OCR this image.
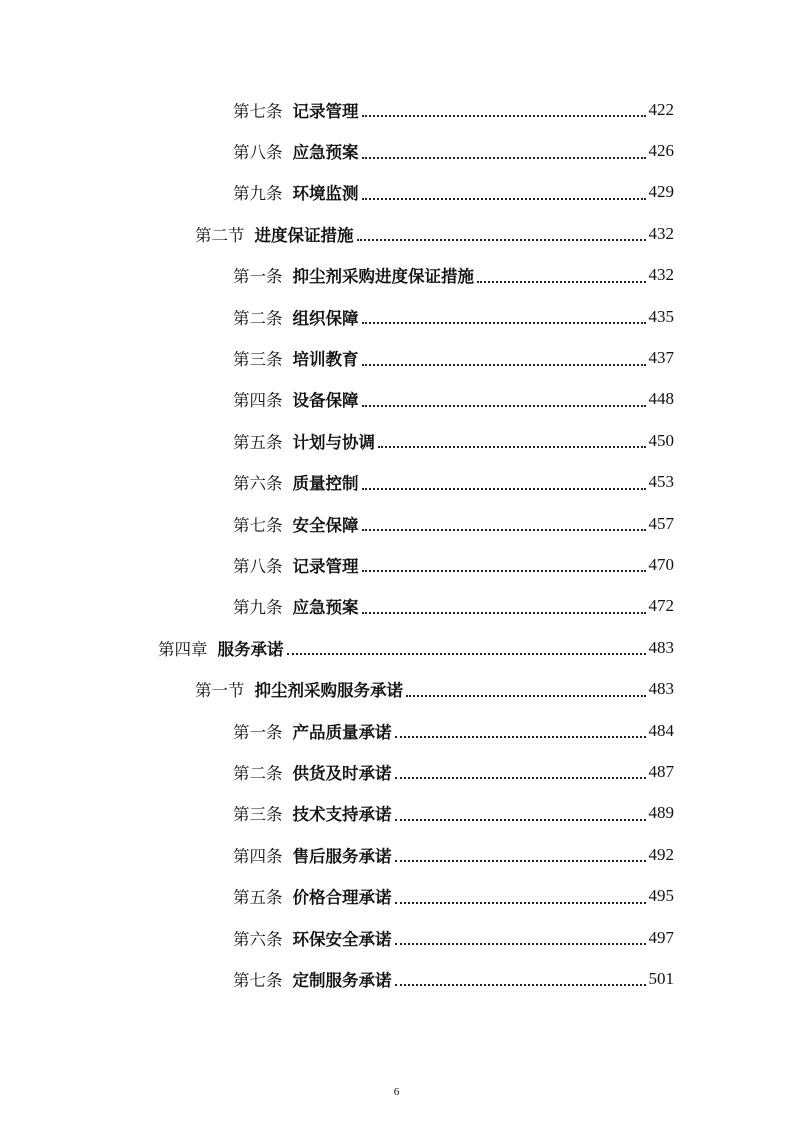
第七条 记录管理	422
第八条 应急预案	426
第九条 环境监测	429
第二节 进度保证措施	432
第一条 抑尘剂采购进度保证措施	432
第二条 组织保障	435
第三条 培训教育	437
第四条 设备保障	448
第五条 计划与协调	450
第六条 质量控制	453
第七条 安全保障	457
第八条 记录管理	470
第九条 应急预案	472
第四章 服务承诺	483
第一节 抑尘剂采购服务承诺	483
第一条 产品质量承诺	484
第二条 供货及时承诺	487
第三条 技术支持承诺	489
第四条 售后服务承诺	492
第五条 价格合理承诺	495
第六条 环保安全承诺	497
第七条 定制服务承诺	501
6
